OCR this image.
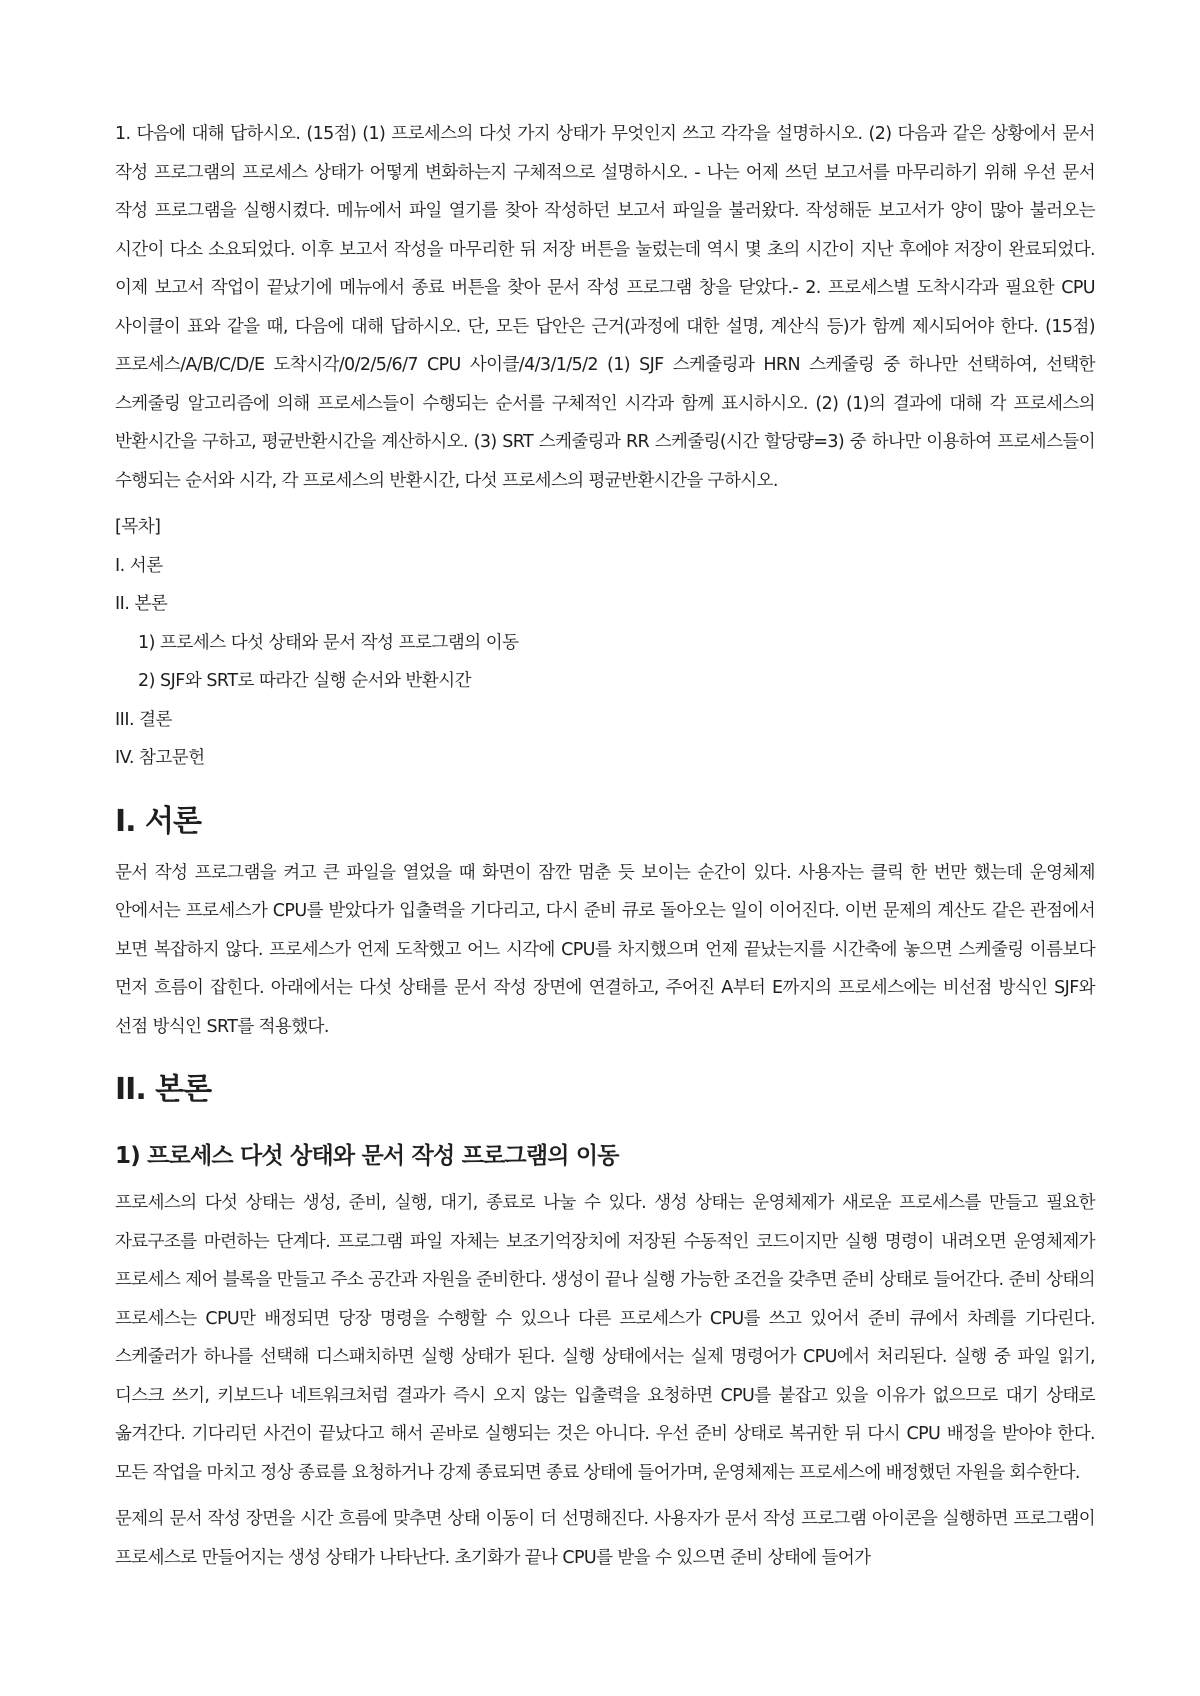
1. 다음에 대해 답하시오. (15점) (1) 프로세스의 다섯 가지 상태가 무엇인지 쓰고 각각을 설명하시오. (2) 다음과 같은 상황에서 문서 작성 프로그램의 프로세스 상태가 어떻게 변화하는지 구체적으로 설명하시오. - 나는 어제 쓰던 보고서를 마무리하기 위해 우선 문서 작성 프로그램을 실행시켰다. 메뉴에서 파일 열기를 찾아 작성하던 보고서 파일을 불러왔다. 작성해둔 보고서가 양이 많아 불러오는 시간이 다소 소요되었다. 이후 보고서 작성을 마무리한 뒤 저장 버튼을 눌렀는데 역시 몇 초의 시간이 지난 후에야 저장이 완료되었다. 이제 보고서 작업이 끝났기에 메뉴에서 종료 버튼을 찾아 문서 작성 프로그램 창을 닫았다.- 2. 프로세스별 도착시각과 필요한 CPU 사이클이 표와 같을 때, 다음에 대해 답하시오. 단, 모든 답안은 근거(과정에 대한 설명, 계산식 등)가 함께 제시되어야 한다. (15점) 프로세스/A/B/C/D/E 도착시각/0/2/5/6/7 CPU 사이클/4/3/1/5/2 (1) SJF 스케줄링과 HRN 스케줄링 중 하나만 선택하여, 선택한 스케줄링 알고리즘에 의해 프로세스들이 수행되는 순서를 구체적인 시각과 함께 표시하시오. (2) (1)의 결과에 대해 각 프로세스의 반환시간을 구하고, 평균반환시간을 계산하시오. (3) SRT 스케줄링과 RR 스케줄링(시간 할당량=3) 중 하나만 이용하여 프로세스들이 수행되는 순서와 시각, 각 프로세스의 반환시간, 다섯 프로세스의 평균반환시간을 구하시오.

[목차]

I. 서론
II. 본론
1) 프로세스 다섯 상태와 문서 작성 프로그램의 이동
2) SJF와 SRT로 따라간 실행 순서와 반환시간
III. 결론
IV. 참고문헌
I. 서론

문서 작성 프로그램을 켜고 큰 파일을 열었을 때 화면이 잠깐 멈춘 듯 보이는 순간이 있다. 사용자는 클릭 한 번만 했는데 운영체제 안에서는 프로세스가 CPU를 받았다가 입출력을 기다리고, 다시 준비 큐로 돌아오는 일이 이어진다. 이번 문제의 계산도 같은 관점에서 보면 복잡하지 않다. 프로세스가 언제 도착했고 어느 시각에 CPU를 차지했으며 언제 끝났는지를 시간축에 놓으면 스케줄링 이름보다 먼저 흐름이 잡힌다. 아래에서는 다섯 상태를 문서 작성 장면에 연결하고, 주어진 A부터 E까지의 프로세스에는 비선점 방식인 SJF와 선점 방식인 SRT를 적용했다.

II. 본론
1) 프로세스 다섯 상태와 문서 작성 프로그램의 이동

프로세스의 다섯 상태는 생성, 준비, 실행, 대기, 종료로 나눌 수 있다. 생성 상태는 운영체제가 새로운 프로세스를 만들고 필요한 자료구조를 마련하는 단계다. 프로그램 파일 자체는 보조기억장치에 저장된 수동적인 코드이지만 실행 명령이 내려오면 운영체제가 프로세스 제어 블록을 만들고 주소 공간과 자원을 준비한다. 생성이 끝나 실행 가능한 조건을 갖추면 준비 상태로 들어간다. 준비 상태의 프로세스는 CPU만 배정되면 당장 명령을 수행할 수 있으나 다른 프로세스가 CPU를 쓰고 있어서 준비 큐에서 차례를 기다린다. 스케줄러가 하나를 선택해 디스패치하면 실행 상태가 된다. 실행 상태에서는 실제 명령어가 CPU에서 처리된다. 실행 중 파일 읽기, 디스크 쓰기, 키보드나 네트워크처럼 결과가 즉시 오지 않는 입출력을 요청하면 CPU를 붙잡고 있을 이유가 없으므로 대기 상태로 옮겨간다. 기다리던 사건이 끝났다고 해서 곧바로 실행되는 것은 아니다. 우선 준비 상태로 복귀한 뒤 다시 CPU 배정을 받아야 한다. 모든 작업을 마치고 정상 종료를 요청하거나 강제 종료되면 종료 상태에 들어가며, 운영체제는 프로세스에 배정했던 자원을 회수한다.

문제의 문서 작성 장면을 시간 흐름에 맞추면 상태 이동이 더 선명해진다. 사용자가 문서 작성 프로그램 아이콘을 실행하면 프로그램이 프로세스로 만들어지는 생성 상태가 나타난다. 초기화가 끝나 CPU를 받을 수 있으면 준비 상태에 들어가
